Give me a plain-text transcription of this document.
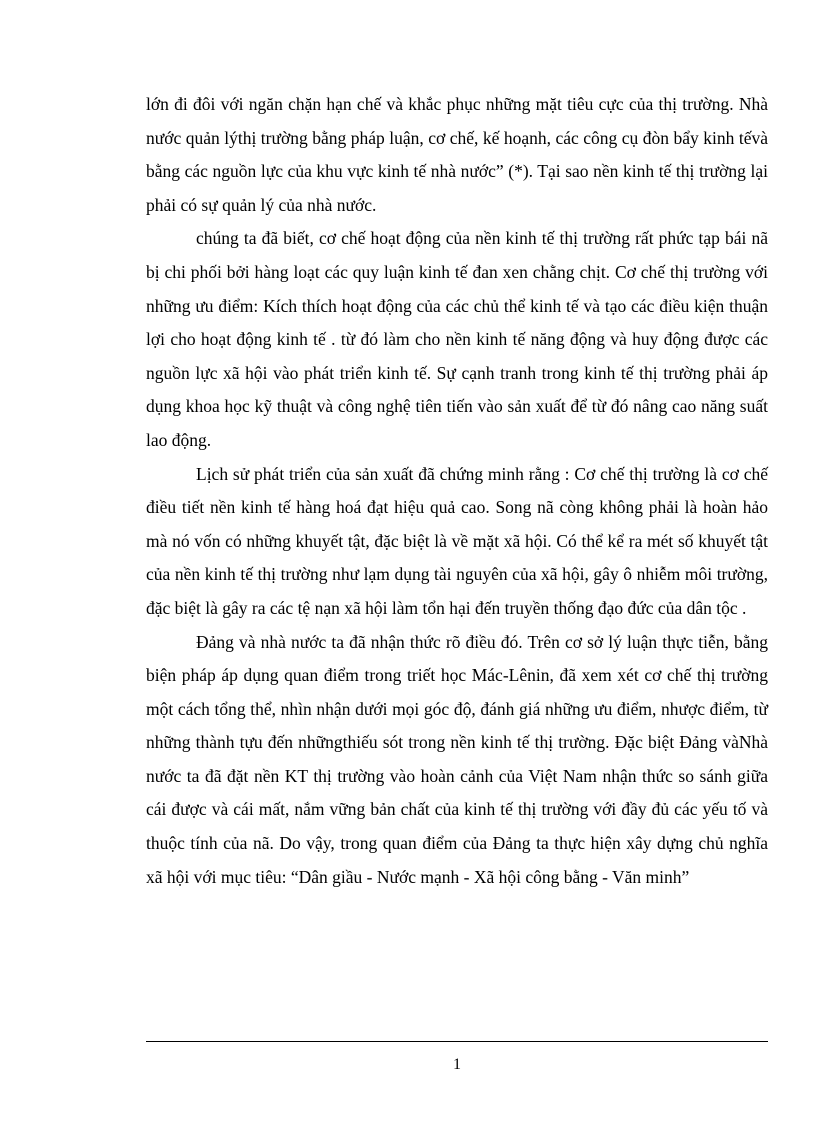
lớn đi đôi với ngăn chặn hạn chế và khắc phục những mặt tiêu cực của thị trường. Nhà nước quản lýthị trường bằng pháp luận, cơ chế, kế hoạnh, các công cụ đòn bẩy kinh tếvà bằng các nguồn lực của khu vực kinh tế nhà nước” (*). Tại sao nền kinh tế thị trường lại phải có sự quản lý của nhà nước.

chúng ta đã biết, cơ chế hoạt động của nền kinh tế thị trường rất phức tạp bái nã bị chi phối bởi hàng loạt các quy luận kinh tế đan xen chằng chịt. Cơ chế thị trường với những ưu điểm: Kích thích hoạt động của các chủ thể kinh tế và tạo các điều kiện thuận lợi cho hoạt động kinh tế . từ đó làm cho nền kinh tế năng động và huy động được các nguồn lực xã hội vào phát triển kinh tế. Sự cạnh tranh trong kinh tế thị trường phải áp dụng khoa học kỹ thuật và công nghệ tiên tiến vào sản xuất để từ đó nâng cao năng suất lao động.

Lịch sử phát triển của sản xuất đã chứng minh rằng : Cơ chế thị trường là cơ chế điều tiết nền kinh tế hàng hoá đạt hiệu quả cao. Song nã còng không phải là hoàn hảo mà nó vốn có những khuyết tật, đặc biệt là về mặt xã hội. Có thể kể ra mét số khuyết tật của nền kinh tế thị trường như lạm dụng tài nguyên của xã hội, gây ô nhiễm môi trường, đặc biệt là gây ra các tệ nạn xã hội làm tổn hại đến truyền thống đạo đức của dân tộc .

Đảng và nhà nước ta đã nhận thức rõ điều đó. Trên cơ sở lý luận thực tiễn, bằng biện pháp áp dụng quan điểm trong triết học Mác-Lênin, đã xem xét cơ chế thị trường một cách tổng thể, nhìn nhận dưới mọi góc độ, đánh giá những ưu điểm, nhược điểm, từ những thành tựu đến nhữngthiếu sót trong nền kinh tế thị trường. Đặc biệt Đảng vàNhà nước ta đã đặt nền KT thị trường vào hoàn cảnh của Việt Nam nhận thức so sánh giữa cái được và cái mất, nắm vững bản chất của kinh tế thị trường với đầy đủ các yếu tố và thuộc tính của nã. Do vậy, trong quan điểm của Đảng ta thực hiện xây dựng chủ nghĩa xã hội với mục tiêu: “Dân giầu - Nước mạnh - Xã hội công bằng - Văn minh”

1
